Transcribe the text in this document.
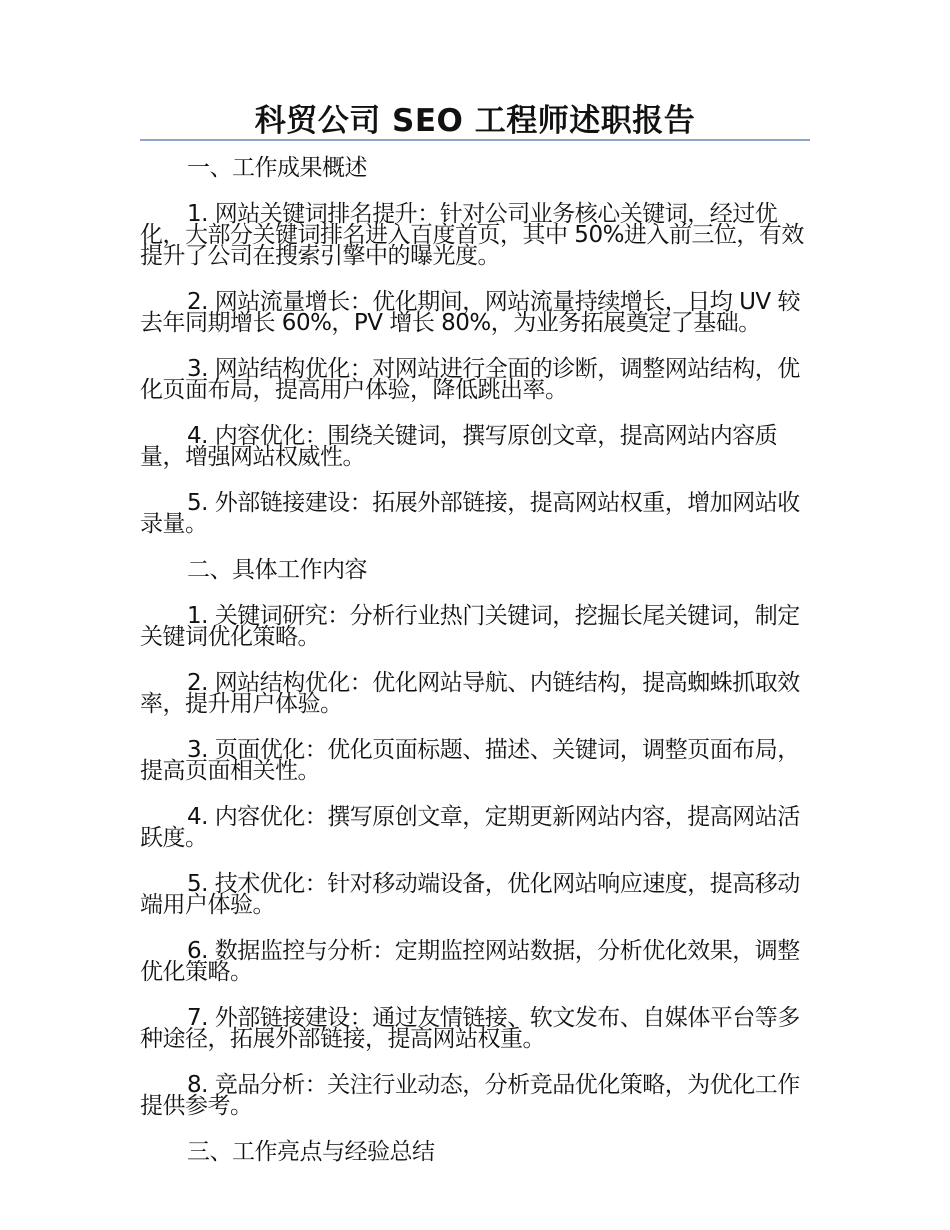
科贸公司 SEO 工程师述职报告

一、工作成果概述

1. 网站关键词排名提升：针对公司业务核心关键词，经过优化，大部分关键词排名进入百度首页，其中 50%进入前三位，有效提升了公司在搜索引擎中的曝光度。

2. 网站流量增长：优化期间，网站流量持续增长，日均 UV 较去年同期增长 60%，PV 增长 80%，为业务拓展奠定了基础。

3. 网站结构优化：对网站进行全面的诊断，调整网站结构，优化页面布局，提高用户体验，降低跳出率。

4. 内容优化：围绕关键词，撰写原创文章，提高网站内容质量，增强网站权威性。

5. 外部链接建设：拓展外部链接，提高网站权重，增加网站收录量。

二、具体工作内容

1. 关键词研究：分析行业热门关键词，挖掘长尾关键词，制定关键词优化策略。

2. 网站结构优化：优化网站导航、内链结构，提高蜘蛛抓取效率，提升用户体验。

3. 页面优化：优化页面标题、描述、关键词，调整页面布局，提高页面相关性。

4. 内容优化：撰写原创文章，定期更新网站内容，提高网站活跃度。

5. 技术优化：针对移动端设备，优化网站响应速度，提高移动端用户体验。

6. 数据监控与分析：定期监控网站数据，分析优化效果，调整优化策略。

7. 外部链接建设：通过友情链接、软文发布、自媒体平台等多种途径，拓展外部链接，提高网站权重。

8. 竞品分析：关注行业动态，分析竞品优化策略，为优化工作提供参考。

三、工作亮点与经验总结
